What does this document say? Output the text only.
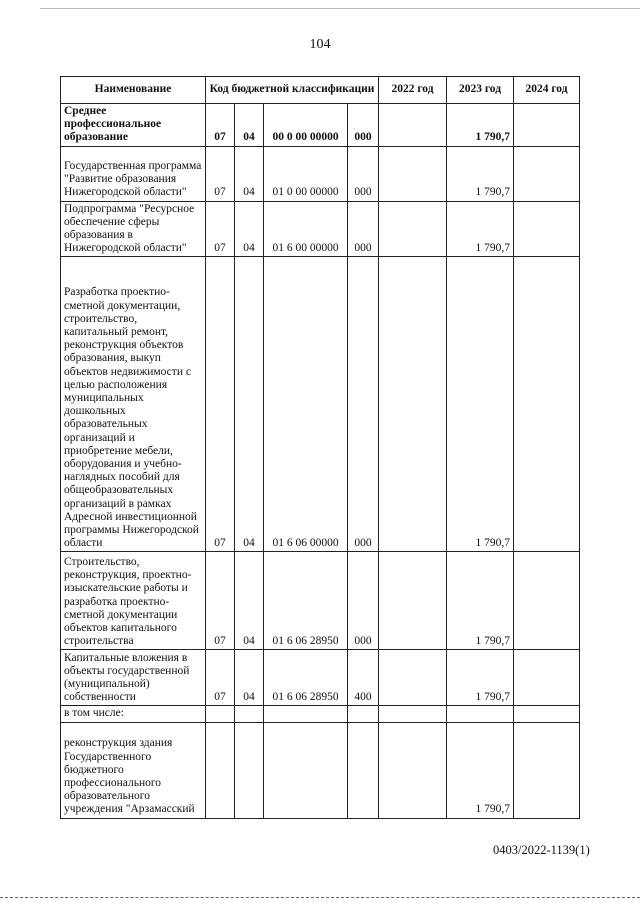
104
Наименование	Код бюджетной классификации				2022 год	2023 год	2024 год
Среднее профессиональное образование	07	04	00 0 00 00000	000		1 790,7	
Государственная программа "Развитие образования Нижегородской области"	07	04	01 0 00 00000	000		1 790,7	
Подпрограмма "Ресурсное обеспечение сферы образования в Нижегородской области"	07	04	01 6 00 00000	000		1 790,7	
Разработка проектно-сметной документации, строительство, капитальный ремонт, реконструкция объектов образования, выкуп объектов недвижимости с целью расположения муниципальных дошкольных образовательных организаций и приобретение мебели, оборудования и учебно-наглядных пособий для общеобразовательных организаций в рамках Адресной инвестиционной программы Нижегородской области	07	04	01 6 06 00000	000		1 790,7	
Строительство, реконструкция, проектно-изыскательские работы и разработка проектно-сметной документации объектов капитального строительства	07	04	01 6 06 28950	000		1 790,7	
Капитальные вложения в объекты государственной (муниципальной) собственности	07	04	01 6 06 28950	400		1 790,7	
в том числе:							
реконструкция здания Государственного бюджетного профессионального образовательного учреждения "Арзамасский						1 790,7	
0403/2022-1139(1)
